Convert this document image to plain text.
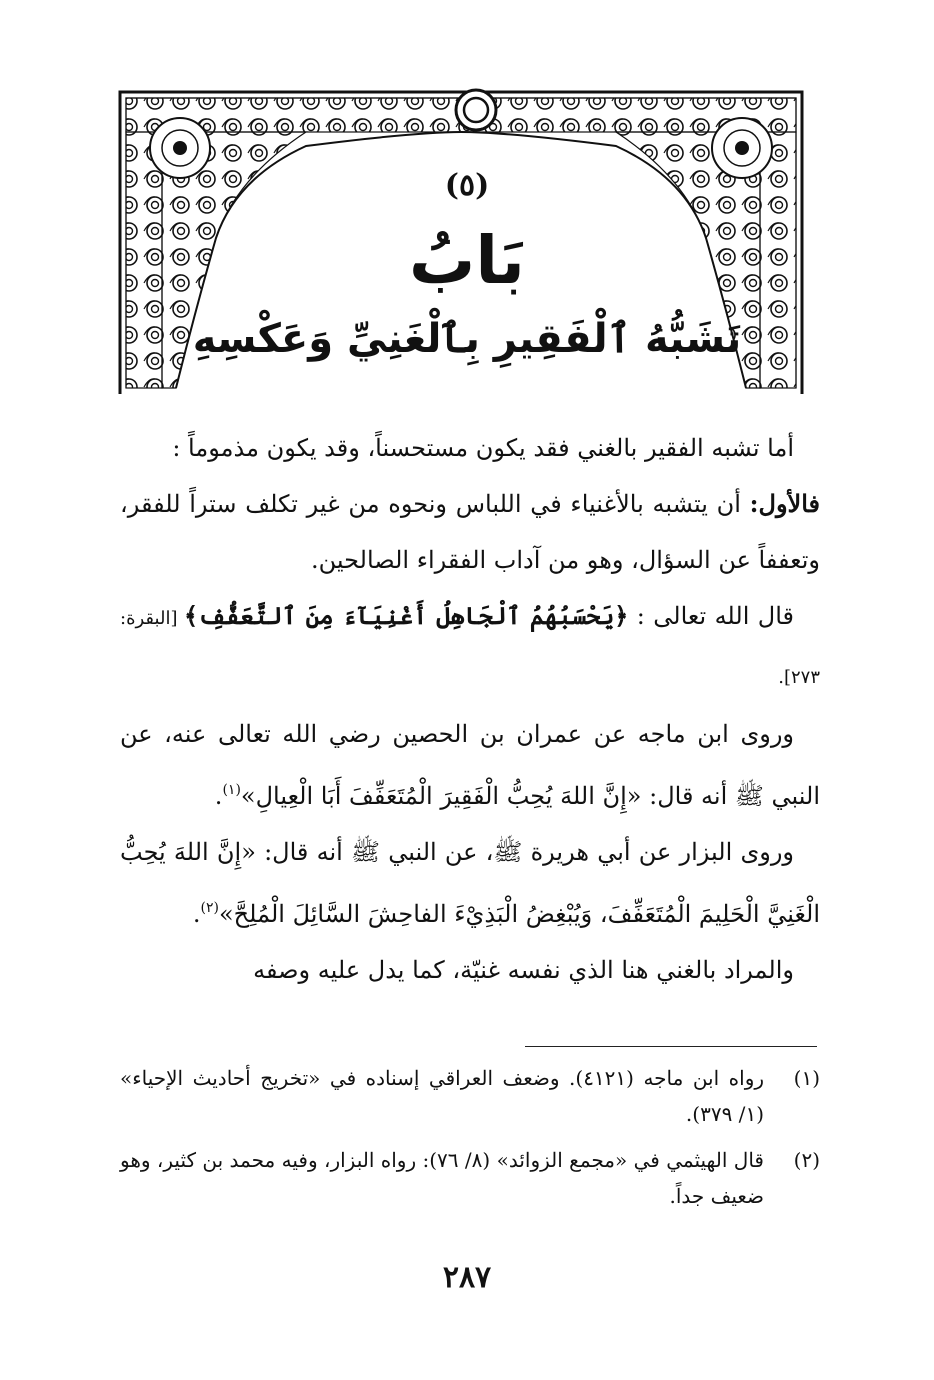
(٥)
بَابُ
تَشَبُّهُ ٱلْفَقِيرِ بِٱلْغَنِيِّ وَعَكْسِهِ

أما تشبه الفقير بالغني فقد يكون مستحسناً، وقد يكون مذموماً :

فالأول: أن يتشبه بالأغنياء في اللباس ونحوه من غير تكلف ستراً للفقر، وتعففاً عن السؤال، وهو من آداب الفقراء الصالحين.

قال الله تعالى : ﴿يَحْسَبُهُمُ ٱلْجَاهِلُ أَغْنِيَآءَ مِنَ ٱلتَّعَفُّفِ﴾ [البقرة: ٢٧٣].

وروى ابن ماجه عن عمران بن الحصين رضي الله تعالى عنه، عن النبي ﷺ أنه قال: «إِنَّ اللهَ يُحِبُّ الْفَقِيرَ الْمُتَعَفِّفَ أَبَا الْعِيالِ»$^{(١)}$.

وروى البزار عن أبي هريرة ﷺ، عن النبي ﷺ أنه قال: «إِنَّ اللهَ يُحِبُّ الْغَنِيَّ الْحَلِيمَ الْمُتَعَفِّفَ، وَيُبْغِضُ الْبَذِيْءَ الفاحِشَ السَّائِلَ الْمُلِحَّ»$^{(٢)}$.

والمراد بالغني هنا الذي نفسه غنيّة، كما يدل عليه وصفه

(١)
رواه ابن ماجه (٤١٢١). وضعف العراقي إسناده في «تخريج أحاديث الإحياء» (١/ ٣٧٩).
(٢)
قال الهيثمي في «مجمع الزوائد» (٨/ ٧٦): رواه البزار، وفيه محمد بن كثير، وهو ضعيف جداً.
٢٨٧
